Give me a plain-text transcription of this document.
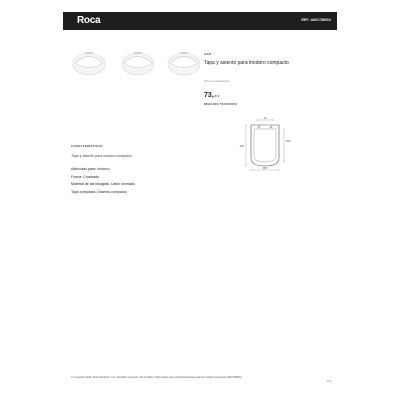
Roca	REF: A801788004
GAP
Tapa y asiento para inodoro compacto
Precio sin descuentos
73,20 €
DIBUJOS TÉCNICOS
40
420
360
365
CARACTERÍSTICAS
Tapa y asiento para inodoro compacto
Adecuado para: Inodoro
Forma: Cuadrado
Material de las bisagras: Latón cromado
Tapa compacta / Asiento compacto
© Copyright 2022, Roca Sanitario, S.A. All rights reserved | 15-12-2022 | https://www.roca.es/productos/tapa-asiento-inodoro-compacto-A801788004
1/1
